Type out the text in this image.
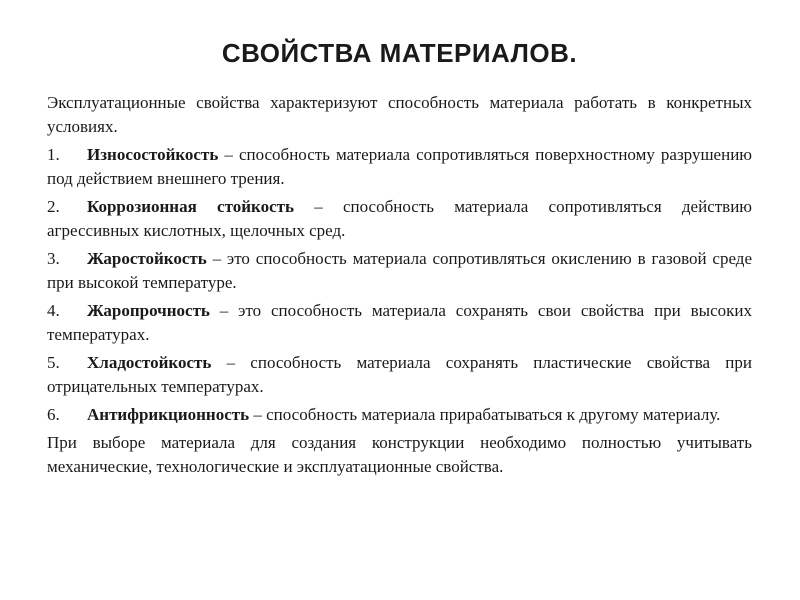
СВОЙСТВА МАТЕРИАЛОВ.

Эксплуатационные свойства характеризуют способность материала работать в конкретных условиях.

1. Износостойкость – способность материала сопротивляться поверхностному разрушению под действием внешнего трения.

2. Коррозионная стойкость – способность материала сопротивляться действию агрессивных кислотных, щелочных сред.

3. Жаростойкость – это способность материала сопротивляться окислению в газовой среде при высокой температуре.

4. Жаропрочность – это способность материала сохранять свои свойства при высоких температурах.

5. Хладостойкость – способность материала сохранять пластические свойства при отрицательных температурах.

6. Антифрикционность – способность материала прирабатываться к другому материалу.

При выборе материала для создания конструкции необходимо полностью учитывать механические, технологические и эксплуатационные свойства.
